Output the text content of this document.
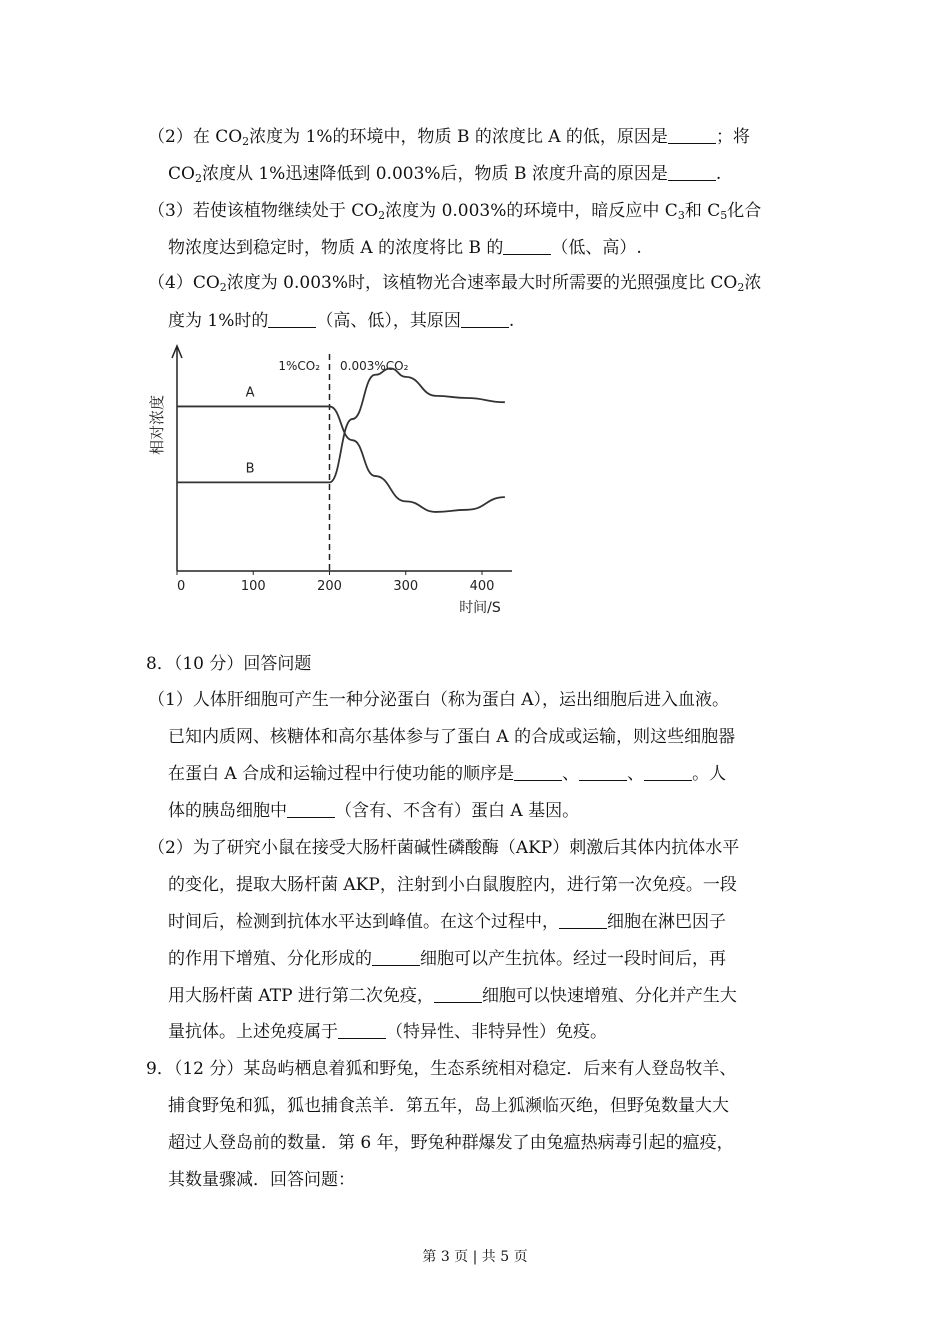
（2）在 $CO_2$浓度为 1%的环境中，物质 B 的浓度比 A 的低，原因是	；将
$CO_2$浓度从 1%迅速降低到 0.003%后，物质 B 浓度升高的原因是	.
（3）若使该植物继续处于 $CO_2$浓度为 0.003%的环境中，暗反应中 $C_3$和 $C_5$化合
物浓度达到稳定时，物质 A 的浓度将比 B 的	（低、高）.
$(4)CO_2$浓度为 0.003%时，该植物光合速率最大时所需要的光照强度比 $CO_2$浓
度为 1%时的	（高、低），其原因	.
1%CO₂ 0.003%CO₂
相对浓度
时间/S
0	100	200	300	400
A
B
8．（10 分）回答问题
（1）人体肝细胞可产生一种分泌蛋白（称为蛋白 A），运出细胞后进入血液。
已知内质网、核糖体和高尔基体参与了蛋白 A 的合成或运输，则这些细胞器
在蛋白 A 合成和运输过程中行使功能的顺序是	、	、	。人
体的胰岛细胞中	（含有、不含有）蛋白 A 基因。
（2）为了研究小鼠在接受大肠杆菌碱性磷酸酶（AKP）刺激后其体内抗体水平
的变化，提取大肠杆菌 AKP，注射到小白鼠腹腔内，进行第一次免疫。一段
时间后，检测到抗体水平达到峰值。在这个过程中，	细胞在淋巴因子
的作用下增殖、分化形成的	细胞可以产生抗体。经过一段时间后，再
用大肠杆菌 ATP 进行第二次免疫，	细胞可以快速增殖、分化并产生大
量抗体。上述免疫属于	（特异性、非特异性）免疫。
9．（12 分）某岛屿栖息着狐和野兔，生态系统相对稳定．后来有人登岛牧羊、
捕食野兔和狐，狐也捕食羔羊．第五年，岛上狐濒临灭绝，但野兔数量大大
超过人登岛前的数量．第 6 年，野兔种群爆发了由兔瘟热病毒引起的瘟疫，
其数量骤减．回答问题：
第 3 页 | 共 5 页
